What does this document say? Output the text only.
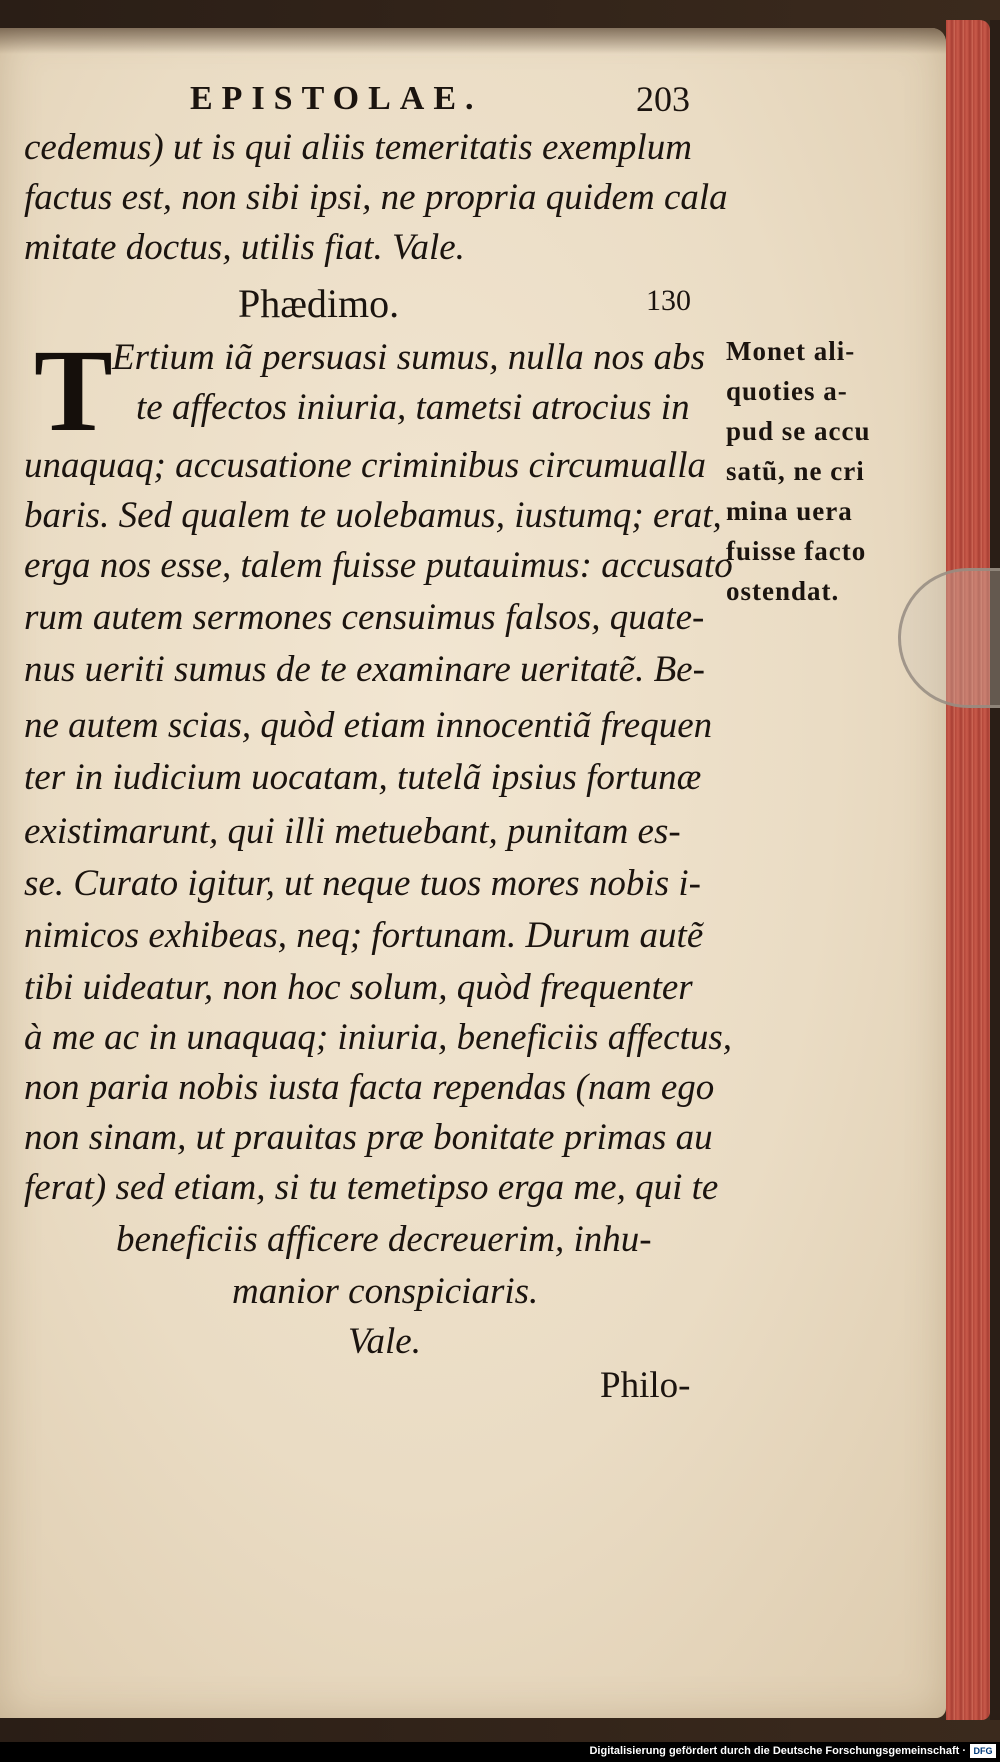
EPISTOLAE.	203
cedemus) ut is qui aliis temeritatis exemplum
factus est, non sibi ipsi, ne propria quidem cala
mitate doctus, utilis fiat. Vale.
Phædimo.	130
T Ertium iã persuasi sumus, nulla nos abs
te affectos iniuria, tametsi atrocius in
unaquaq; accusatione criminibus circumualla
baris. Sed qualem te uolebamus, iustumq; erat,
erga nos esse, talem fuisse putauimus: accusato
rum autem sermones censuimus falsos, quate-
nus ueriti sumus de te examinare ueritatẽ. Be-
ne autem scias, quòd etiam innocentiã frequen
ter in iudicium uocatam, tutelã ipsius fortunæ
existimarunt, qui illi metuebant, punitam es-
se. Curato igitur, ut neque tuos mores nobis i-
nimicos exhibeas, neq; fortunam. Durum autẽ
tibi uideatur, non hoc solum, quòd frequenter
à me ac in unaquaq; iniuria, beneficiis affectus,
non paria nobis iusta facta rependas (nam ego
non sinam, ut prauitas præ bonitate primas au
ferat) sed etiam, si tu temetipso erga me, qui te
beneficiis afficere decreuerim, inhu-
manior conspiciaris.
Vale.
Philo-
Monet ali-
quoties a-
pud se accu
satũ, ne cri
mina uera
fuisse facto
ostendat.
Digitalisierung gefördert durch die Deutsche Forschungsgemeinschaft · DFG
